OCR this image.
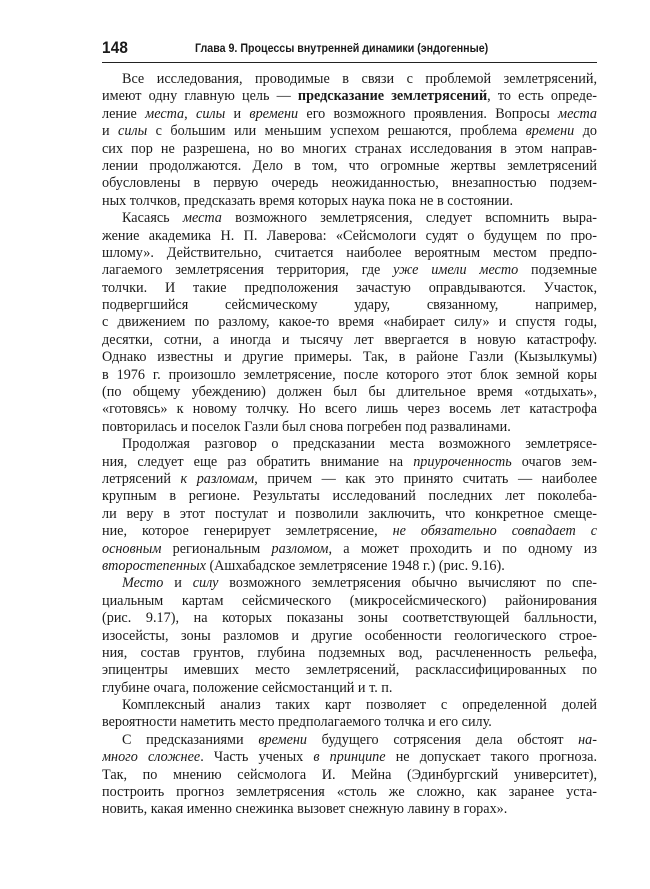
148	Глава 9. Процессы внутренней динамики (эндогенные)
Все исследования, проводимые в связи с проблемой землетрясений,
имеют одну главную цель — предсказание землетрясений, то есть опреде-
ление места, силы и времени его возможного проявления. Вопросы места
и силы с большим или меньшим успехом решаются, проблема времени до
сих пор не разрешена, но во многих странах исследования в этом направ-
лении продолжаются. Дело в том, что огромные жертвы землетрясений
обусловлены в первую очередь неожиданностью, внезапностью подзем-
ных толчков, предсказать время которых наука пока не в состоянии.
Касаясь места возможного землетрясения, следует вспомнить выра-
жение академика Н. П. Лаверова: «Сейсмологи судят о будущем по про-
шлому». Действительно, считается наиболее вероятным местом предпо-
лагаемого землетрясения территория, где уже имели место подземные
толчки. И такие предположения зачастую оправдываются. Участок,
подвергшийся сейсмическому удару, связанному, например,
с движением по разлому, какое-то время «набирает силу» и спустя годы,
десятки, сотни, а иногда и тысячу лет ввергается в новую катастрофу.
Однако известны и другие примеры. Так, в районе Газли (Кызылкумы)
в 1976 г. произошло землетрясение, после которого этот блок земной коры
(по общему убеждению) должен был бы длительное время «отдыхать»,
«готовясь» к новому толчку. Но всего лишь через восемь лет катастрофа
повторилась и поселок Газли был снова погребен под развалинами.
Продолжая разговор о предсказании места возможного землетрясе-
ния, следует еще раз обратить внимание на приуроченность очагов зем-
летрясений к разломам, причем — как это принято считать — наиболее
крупным в регионе. Результаты исследований последних лет поколеба-
ли веру в этот постулат и позволили заключить, что конкретное смеще-
ние, которое генерирует землетрясение, не обязательно совпадает с
основным региональным разломом, а может проходить и по одному из
второстепенных (Ашхабадское землетрясение 1948 г.) (рис. 9.16).
Место и силу возможного землетрясения обычно вычисляют по спе-
циальным картам сейсмического (микросейсмического) районирования
(рис. 9.17), на которых показаны зоны соответствующей балльности,
изосейсты, зоны разломов и другие особенности геологического строе-
ния, состав грунтов, глубина подземных вод, расчлененность рельефа,
эпицентры имевших место землетрясений, расклассифицированных по
глубине очага, положение сейсмостанций и т. п.
Комплексный анализ таких карт позволяет с определенной долей
вероятности наметить место предполагаемого толчка и его силу.
С предсказаниями времени будущего сотрясения дела обстоят на-
много сложнее. Часть ученых в принципе не допускает такого прогноза.
Так, по мнению сейсмолога И. Мейна (Эдинбургский университет),
построить прогноз землетрясения «столь же сложно, как заранее уста-
новить, какая именно снежинка вызовет снежную лавину в горах».
